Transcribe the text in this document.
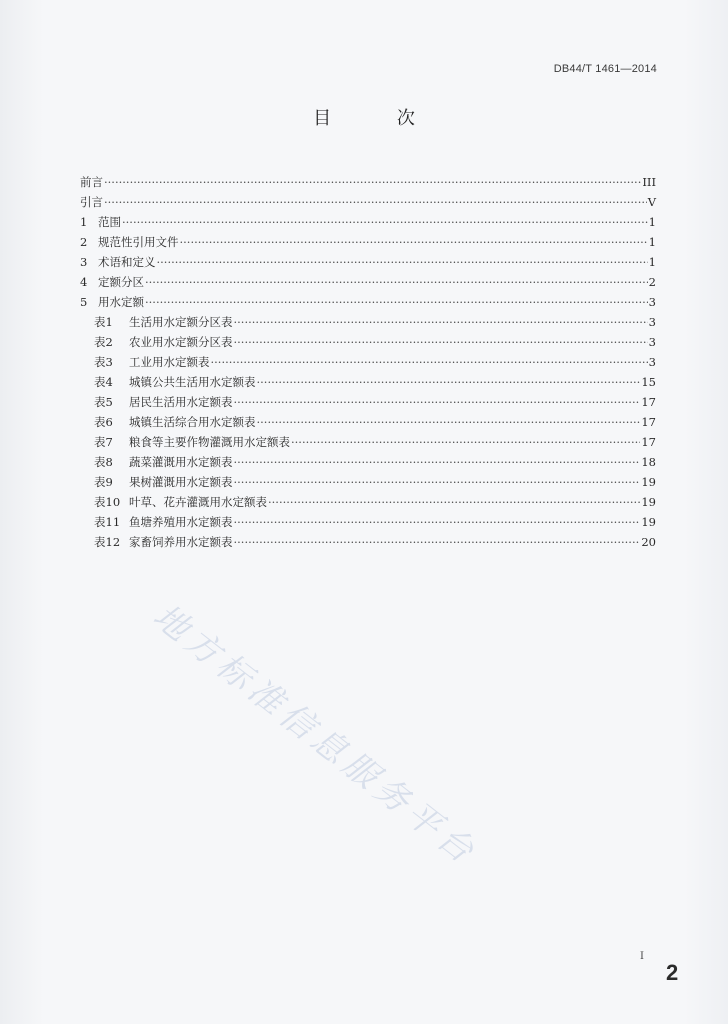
DB44/T 1461—2014
目 次
前言 ·····	III
引言 ·····	V
1 范围 ·····	1
2 规范性引用文件 ·····	1
3 术语和定义 ·····	1
4 定额分区 ·····	2
5 用水定额 ·····	3
表1 生活用水定额分区表 ·····	3
表2 农业用水定额分区表 ·····	3
表3 工业用水定额表 ·····	3
表4 城镇公共生活用水定额表 ·····	15
表5 居民生活用水定额表 ·····	17
表6 城镇生活综合用水定额表 ·····	17
表7 粮食等主要作物灌溉用水定额表 ·····	17
表8 蔬菜灌溉用水定额表 ·····	18
表9 果树灌溉用水定额表 ·····	19
表10 叶草、花卉灌溉用水定额表 ·····	19
表11 鱼塘养殖用水定额表 ·····	19
表12 家畜饲养用水定额表 ·····	20
地方标准信息服务平台
I
2
